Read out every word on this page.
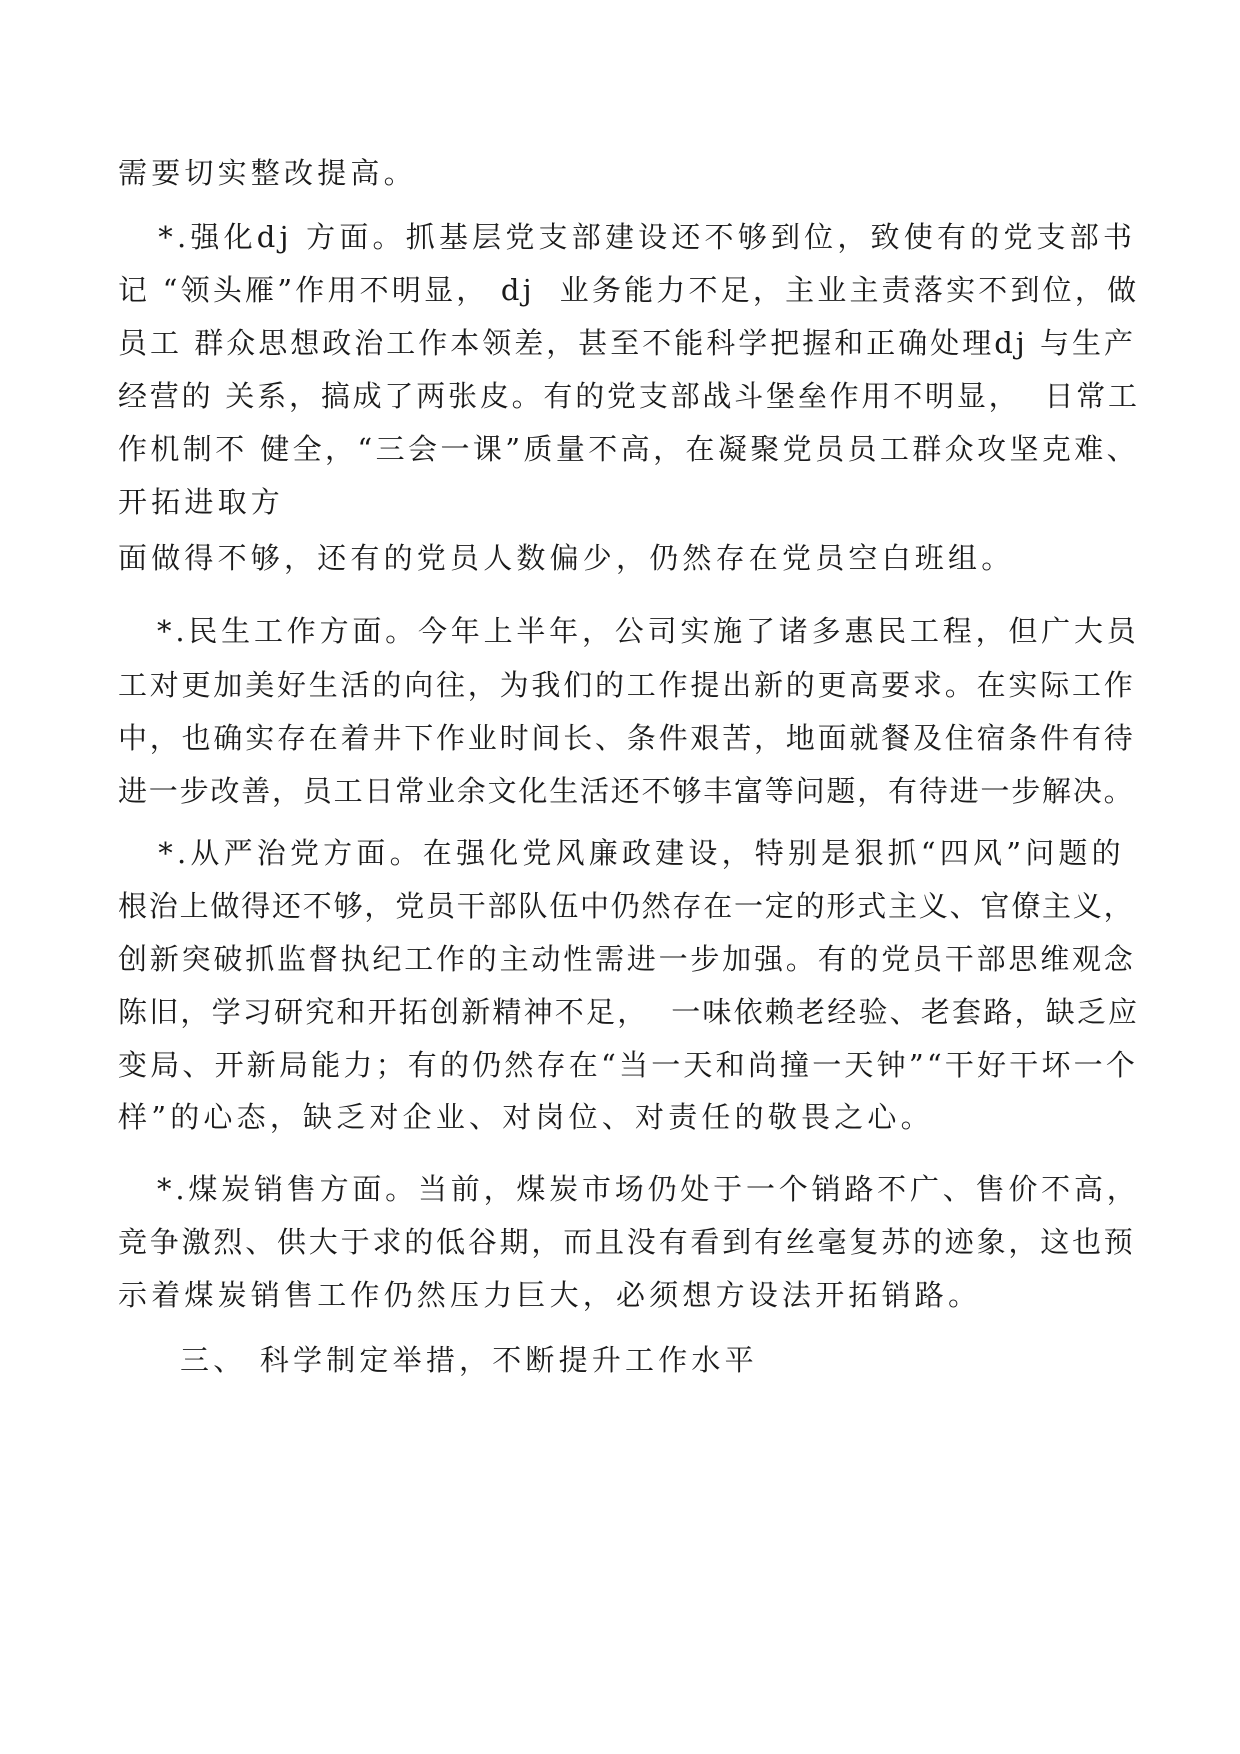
需要切实整改提高。
*.强化dj 方面。抓基层党支部建设还不够到位，致使有的党支部书
记 “领头雁”作用不明显， dj  业务能力不足，主业主责落实不到位，做
员工 群众思想政治工作本领差，甚至不能科学把握和正确处理dj 与生产
经营的 关系，搞成了两张皮。有的党支部战斗堡垒作用不明显，  日常工
作机制不 健全，“三会一课”质量不高，在凝聚党员员工群众攻坚克难、
开拓进取方
面做得不够，还有的党员人数偏少，仍然存在党员空白班组。
*.民生工作方面。今年上半年，公司实施了诸多惠民工程，但广大员
工对更加美好生活的向往，为我们的工作提出新的更高要求。在实际工作
中，也确实存在着井下作业时间长、条件艰苦，地面就餐及住宿条件有待
进一步改善，员工日常业余文化生活还不够丰富等问题，有待进一步解决。
*.从严治党方面。在强化党风廉政建设，特别是狠抓“四风”问题的
根治上做得还不够，党员干部队伍中仍然存在一定的形式主义、官僚主义，
创新突破抓监督执纪工作的主动性需进一步加强。有的党员干部思维观念
陈旧，学习研究和开拓创新精神不足，  一味依赖老经验、老套路，缺乏应
变局、开新局能力；有的仍然存在“当一天和尚撞一天钟”“干好干坏一个
样”的心态，缺乏对企业、对岗位、对责任的敬畏之心。
*.煤炭销售方面。当前，煤炭市场仍处于一个销路不广、售价不高，
竞争激烈、供大于求的低谷期，而且没有看到有丝毫复苏的迹象，这也预
示着煤炭销售工作仍然压力巨大，必须想方设法开拓销路。
三、 科学制定举措，不断提升工作水平
